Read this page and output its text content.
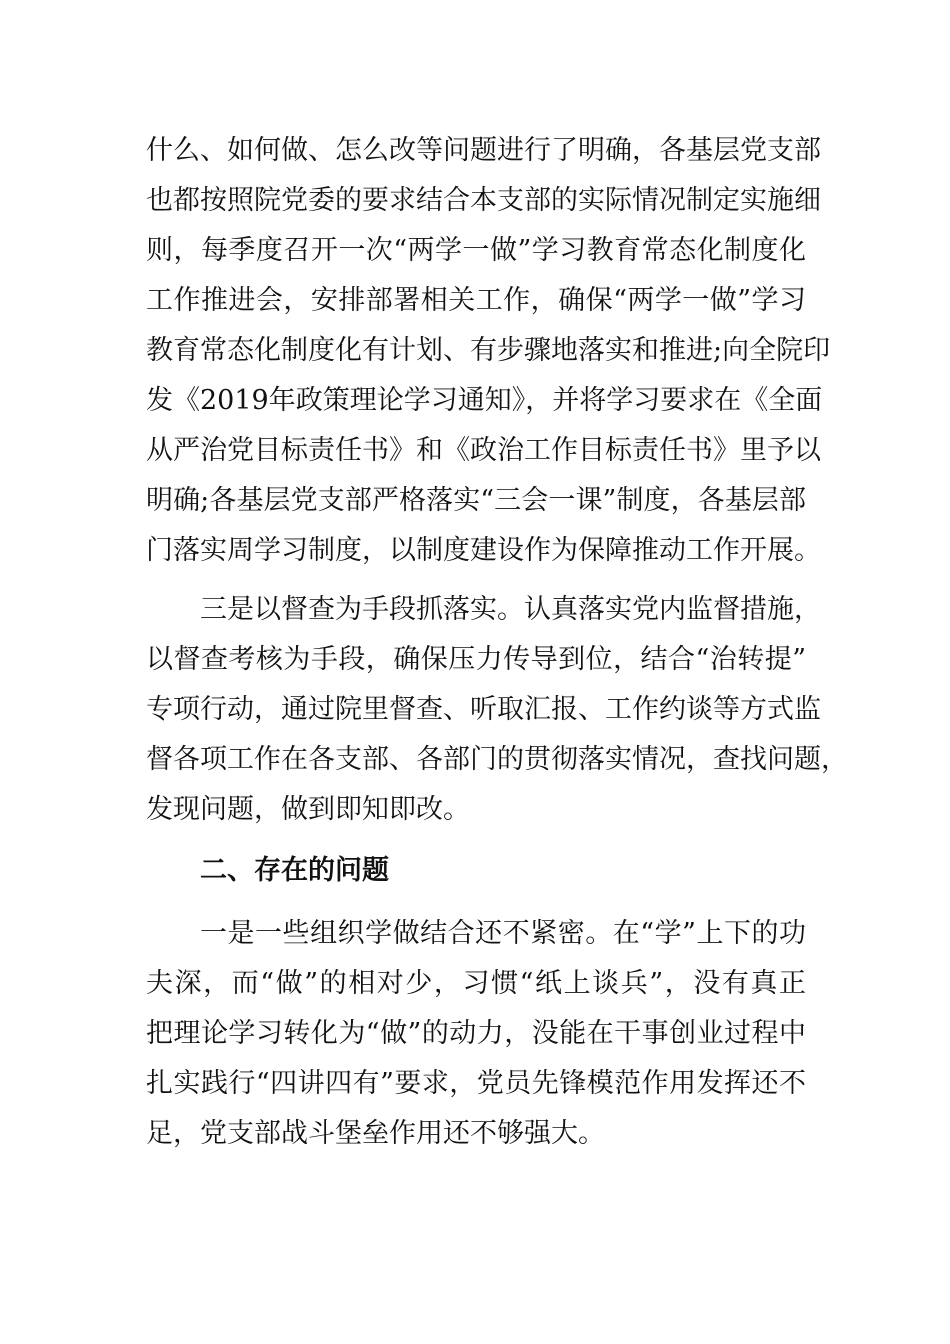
什么、如何做、怎么改等问题进行了明确，各基层党支部
也都按照院党委的要求结合本支部的实际情况制定实施细
则，每季度召开一次“两学一做”学习教育常态化制度化
工作推进会，安排部署相关工作，确保“两学一做”学习
教育常态化制度化有计划、有步骤地落实和推进;向全院印
发《2019年政策理论学习通知》，并将学习要求在《全面
从严治党目标责任书》和《政治工作目标责任书》里予以
明确;各基层党支部严格落实“三会一课”制度，各基层部
门落实周学习制度，以制度建设作为保障推动工作开展。
三是以督查为手段抓落实。认真落实党内监督措施，
以督查考核为手段，确保压力传导到位，结合“治转提”
专项行动，通过院里督查、听取汇报、工作约谈等方式监
督各项工作在各支部、各部门的贯彻落实情况，查找问题，
发现问题，做到即知即改。
二、存在的问题
一是一些组织学做结合还不紧密。在“学”上下的功
夫深，而“做”的相对少，习惯“纸上谈兵”，没有真正
把理论学习转化为“做”的动力，没能在干事创业过程中
扎实践行“四讲四有”要求，党员先锋模范作用发挥还不
足，党支部战斗堡垒作用还不够强大。
